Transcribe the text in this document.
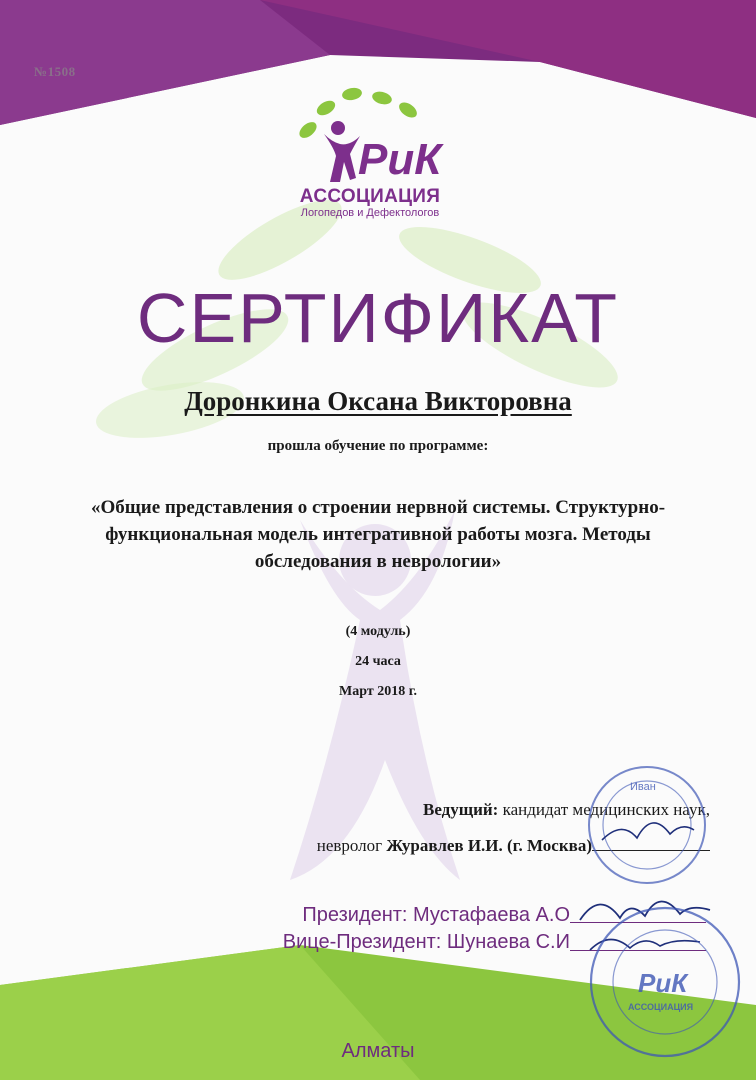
№1508
РиК
АССОЦИАЦИЯ
Логопедов и Дефектологов
СЕРТИФИКАТ
Доронкина Оксана Викторовна
прошла обучение по программе:
«Общие представления о строении нервной системы. Структурно-
функциональная модель интегративной работы мозга. Методы
обследования в неврологии»
(4 модуль)
24 часа
Март 2018 г.
Ведущий: кандидат медицинских наук,
невролог Журавлев И.И. (г. Москва)
Президент: Мустафаева А.О
Вице-Президент: Шунаева С.И
Иван
РиК
АССОЦИАЦИЯ
Алматы
